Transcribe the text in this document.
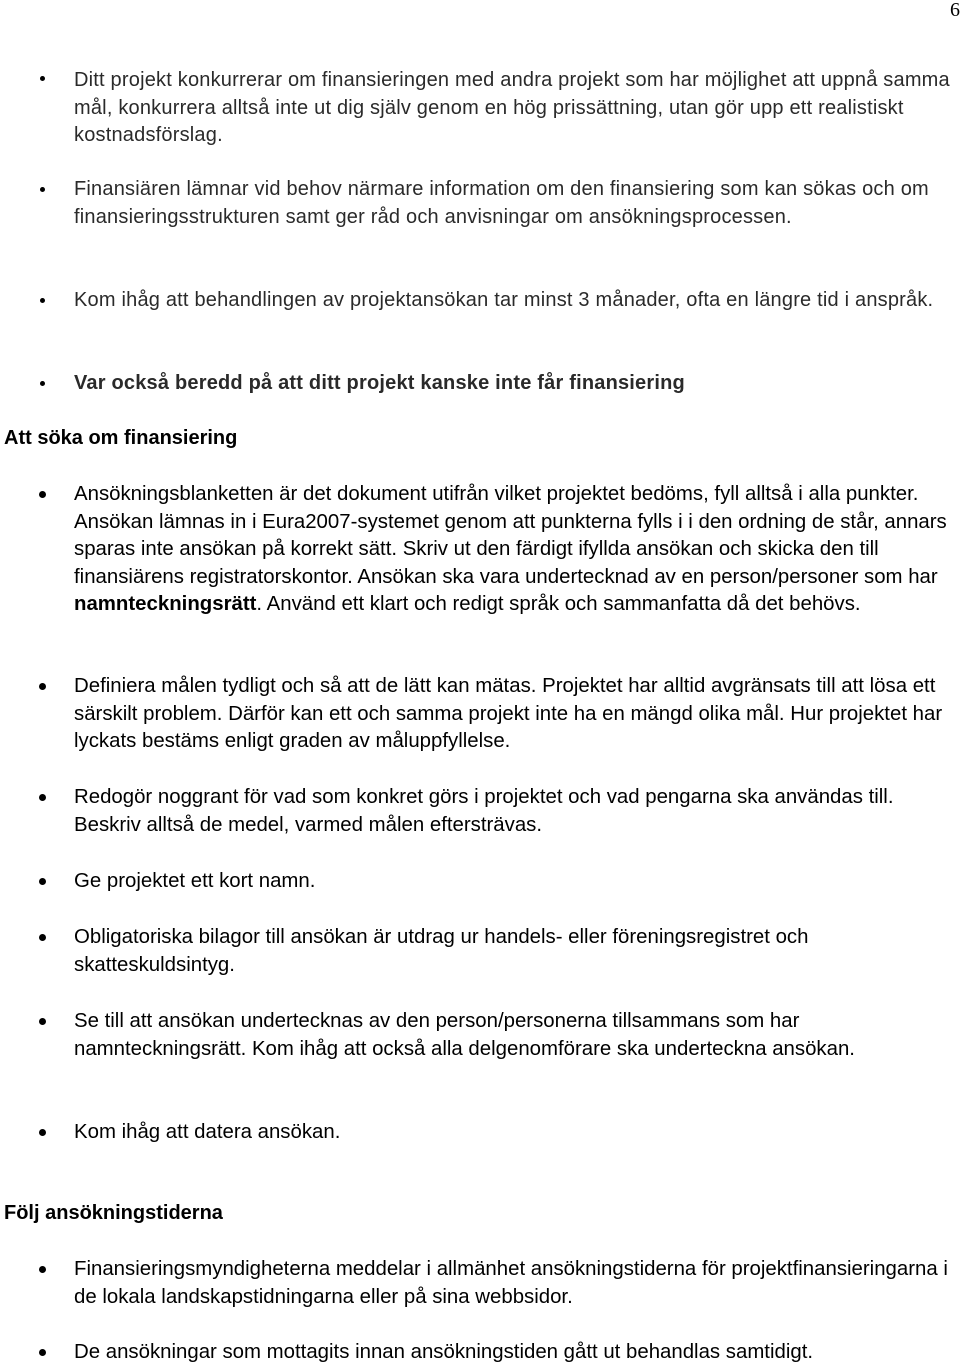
6
Ditt projekt konkurrerar om finansieringen med andra projekt som har möjlighet att uppnå samma mål, konkurrera alltså inte ut dig själv genom en hög prissättning, utan gör upp ett realistiskt kostnadsförslag.
Finansiären lämnar vid behov närmare information om den finansiering som kan sökas och om finansieringsstrukturen samt ger råd och anvisningar om ansökningsprocessen.
Kom ihåg att behandlingen av projektansökan tar minst 3 månader, ofta en längre tid i anspråk.
Var också beredd på att ditt projekt kanske inte får finansiering
Att söka om finansiering
Ansökningsblanketten är det dokument utifrån vilket projektet bedöms, fyll alltså i alla punkter. Ansökan lämnas in i Eura2007-systemet genom att punkterna fylls i i den ordning de står, annars sparas inte ansökan på korrekt sätt. Skriv ut den färdigt ifyllda ansökan och skicka den till finansiärens registratorskontor. Ansökan ska vara undertecknad av en person/personer som har namnteckningsrätt. Använd ett klart och redigt språk och sammanfatta då det behövs.
Definiera målen tydligt och så att de lätt kan mätas. Projektet har alltid avgränsats till att lösa ett särskilt problem. Därför kan ett och samma projekt inte ha en mängd olika mål. Hur projektet har lyckats bestäms enligt graden av måluppfyllelse.
Redogör noggrant för vad som konkret görs i projektet och vad pengarna ska användas till. Beskriv alltså de medel, varmed målen eftersträvas.
Ge projektet ett kort namn.
Obligatoriska bilagor till ansökan är utdrag ur handels- eller föreningsregistret och skatteskuldsintyg.
Se till att ansökan undertecknas av den person/personerna tillsammans som har namnteckningsrätt. Kom ihåg att också alla delgenomförare ska underteckna ansökan.
Kom ihåg att datera ansökan.
Följ ansökningstiderna
Finansieringsmyndigheterna meddelar i allmänhet ansökningstiderna för projektfinansieringarna i de lokala landskapstidningarna eller på sina webbsidor.
De ansökningar som mottagits innan ansökningstiden gått ut behandlas samtidigt.
